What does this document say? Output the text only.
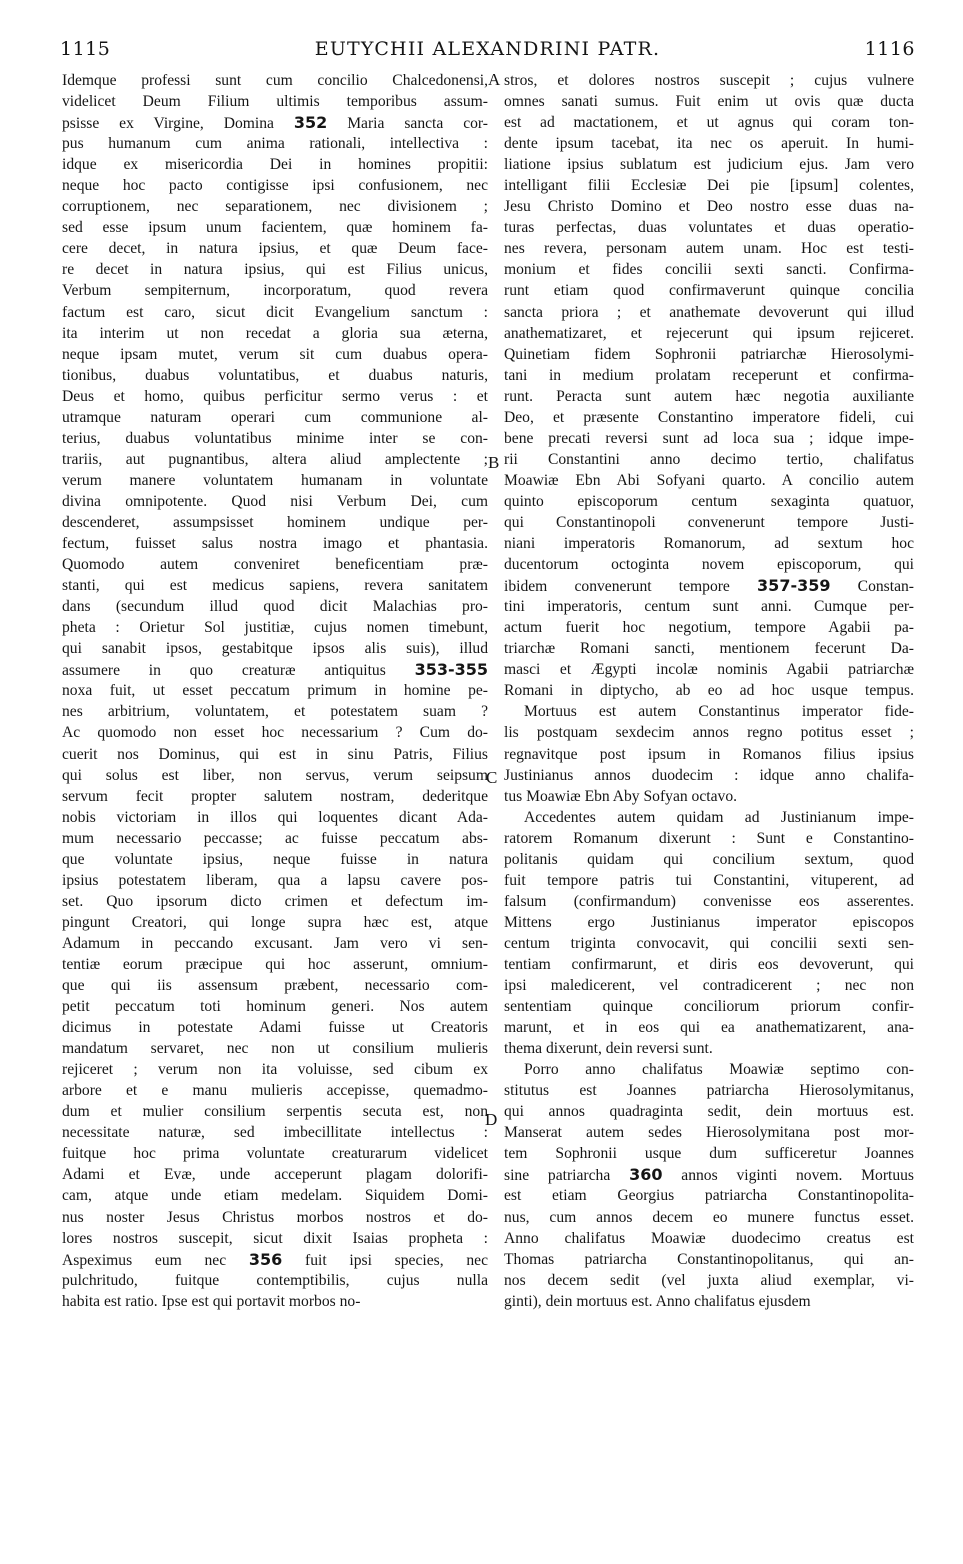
1115	EUTYCHII ALEXANDRINI PATR.	1116
Idemque professi sunt cum concilio Chalcedonensi,
videlicet Deum Filium ultimis temporibus assum-
psisse ex Virgine, Domina 352 Maria sancta cor-
pus humanum cum anima rationali, intellectiva :
idque ex misericordia Dei in homines propitii:
neque hoc pacto contigisse ipsi confusionem, nec
corruptionem, nec separationem, nec divisionem ;
sed esse ipsum unum facientem, quæ hominem fa-
cere decet, in natura ipsius, et quæ Deum face-
re decet in natura ipsius, qui est Filius unicus,
Verbum sempiternum, incorporatum, quod revera
factum est caro, sicut dicit Evangelium sanctum :
ita interim ut non recedat a gloria sua æterna,
neque ipsam mutet, verum sit cum duabus opera-
tionibus, duabus voluntatibus, et duabus naturis,
Deus et homo, quibus perficitur sermo verus : et
utramque naturam operari cum communione al-
terius, duabus voluntatibus minime inter se con-
trariis, aut pugnantibus, altera aliud amplectente ;
verum manere voluntatem humanam in voluntate
divina omnipotente. Quod nisi Verbum Dei, cum
descenderet, assumpsisset hominem undique per-
fectum, fuisset salus nostra imago et phantasia.
Quomodo autem conveniret beneficentiam præ-
stanti, qui est medicus sapiens, revera sanitatem
dans (secundum illud quod dicit Malachias pro-
pheta : Orietur Sol justitiæ, cujus nomen timebunt,
qui sanabit ipsos, gestabitque ipsos alis suis), illud
assumere in quo creaturæ antiquitus 353-355
noxa fuit, ut esset peccatum primum in homine pe-
nes arbitrium, voluntatem, et potestatem suam ?
Ac quomodo non esset hoc necessarium ? Cum do-
cuerit nos Dominus, qui est in sinu Patris, Filius
qui solus est liber, non servus, verum seipsum
servum fecit propter salutem nostram, dederitque
nobis victoriam in illos qui loquentes dicant Ada-
mum necessario peccasse; ac fuisse peccatum abs-
que voluntate ipsius, neque fuisse in natura
ipsius potestatem liberam, qua a lapsu cavere pos-
set. Quo ipsorum dicto crimen et defectum im-
pingunt Creatori, qui longe supra hæc est, atque
Adamum in peccando excusant. Jam vero vi sen-
tentiæ eorum præcipue qui hoc asserunt, omnium-
que qui iis assensum præbent, necessario com-
petit peccatum toti hominum generi. Nos autem
dicimus in potestate Adami fuisse ut Creatoris
mandatum servaret, nec non ut consilium mulieris
rejiceret ; verum non ita voluisse, sed cibum ex
arbore et e manu mulieris accepisse, quemadmo-
dum et mulier consilium serpentis secuta est, non
necessitate naturæ, sed imbecillitate intellectus :
fuitque hoc prima voluntate creaturarum videlicet
Adami et Evæ, unde acceperunt plagam dolorifi-
cam, atque unde etiam medelam. Siquidem Domi-
nus noster Jesus Christus morbos nostros et do-
lores nostros suscepit, sicut dixit Isaias propheta :
Aspeximus eum nec 356 fuit ipsi species, nec
pulchritudo, fuitque contemptibilis, cujus nulla
habita est ratio. Ipse est qui portavit morbos no-
stros, et dolores nostros suscepit ; cujus vulnere
omnes sanati sumus. Fuit enim ut ovis quæ ducta
est ad mactationem, et ut agnus qui coram ton-
dente ipsum tacebat, ita nec os aperuit. In humi-
liatione ipsius sublatum est judicium ejus. Jam vero
intelligant filii Ecclesiæ Dei pie [ipsum] colentes,
Jesu Christo Domino et Deo nostro esse duas na-
turas perfectas, duas voluntates et duas operatio-
nes revera, personam autem unam. Hoc est testi-
monium et fides concilii sexti sancti. Confirma-
runt etiam quod confirmaverunt quinque concilia
sancta priora ; et anathemate devoverunt qui illud
anathematizaret, et rejecerunt qui ipsum rejiceret.
Quinetiam fidem Sophronii patriarchæ Hierosolymi-
tani in medium prolatam receperunt et confirma-
runt. Peracta sunt autem hæc negotia auxiliante
Deo, et præsente Constantino imperatore fideli, cui
bene precati reversi sunt ad loca sua ; idque impe-
rii Constantini anno decimo tertio, chalifatus
Moawiæ Ebn Abi Sofyani quarto. A concilio autem
quinto episcoporum centum sexaginta quatuor,
qui Constantinopoli convenerunt tempore Justi-
niani imperatoris Romanorum, ad sextum hoc
ducentorum octoginta novem episcoporum, qui
ibidem convenerunt tempore 357-359 Constan-
tini imperatoris, centum sunt anni. Cumque per-
actum fuerit hoc negotium, tempore Agabii pa-
triarchæ Romani sancti, mentionem fecerunt Da-
masci et Ægypti incolæ nominis Agabii patriarchæ
Romani in diptycho, ab eo ad hoc usque tempus.
Mortuus est autem Constantinus imperator fide-
lis postquam sexdecim annos regno potitus esset ;
regnavitque post ipsum in Romanos filius ipsius
Justinianus annos duodecim : idque anno chalifa-
tus Moawiæ Ebn Aby Sofyan octavo.
Accedentes autem quidam ad Justinianum impe-
ratorem Romanum dixerunt : Sunt e Constantino-
politanis quidam qui concilium sextum, quod
fuit tempore patris tui Constantini, vituperent, ad
falsum (confirmandum) convenisse eos asserentes.
Mittens ergo Justinianus imperator episcopos
centum triginta convocavit, qui concilii sexti sen-
tentiam confirmarunt, et diris eos devoverunt, qui
ipsi maledicerent, vel contradicerent ; nec non
sententiam quinque conciliorum priorum confir-
marunt, et in eos qui ea anathematizarent, ana-
thema dixerunt, dein reversi sunt.
Porro anno chalifatus Moawiæ septimo con-
stitutus est Joannes patriarcha Hierosolymitanus,
qui annos quadraginta sedit, dein mortuus est.
Manserat autem sedes Hierosolymitana post mor-
tem Sophronii usque dum sufficeretur Joannes
sine patriarcha 360 annos viginti novem. Mortuus
est etiam Georgius patriarcha Constantinopolita-
nus, cum annos decem eo munere functus esset.
Anno chalifatus Moawiæ duodecimo creatus est
Thomas patriarcha Constantinopolitanus, qui an-
nos decem sedit (vel juxta aliud exemplar, vi-
ginti), dein mortuus est. Anno chalifatus ejusdem
A
B
C
D
